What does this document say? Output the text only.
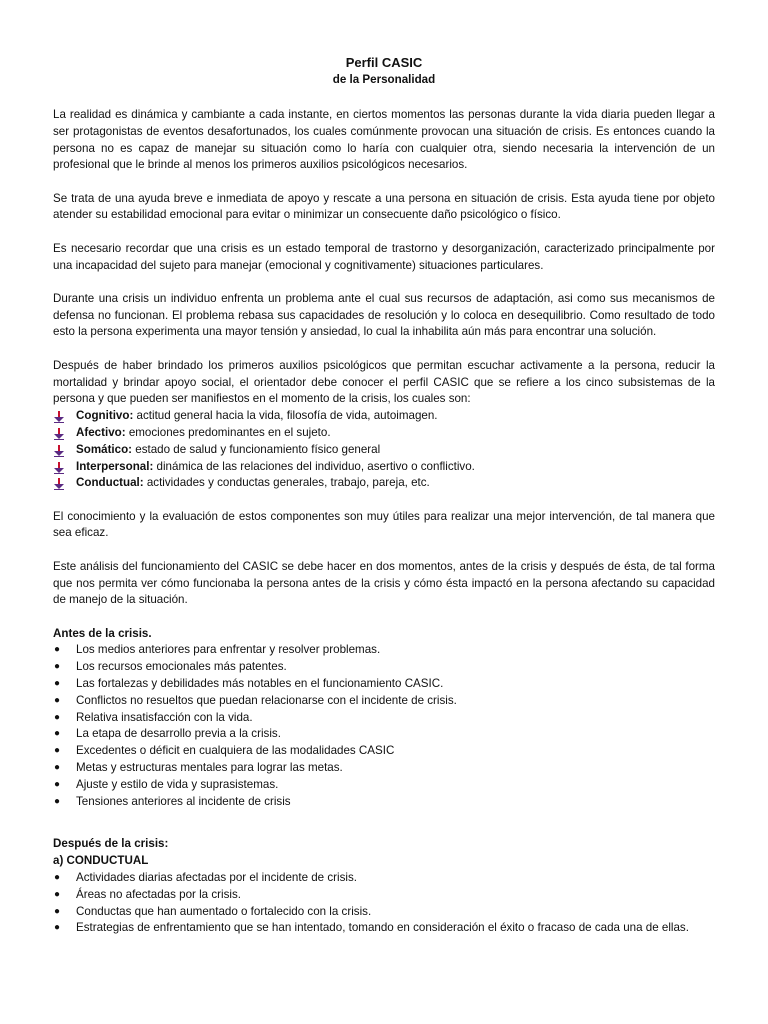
Perfil CASIC
de la Personalidad

La realidad es dinámica y cambiante a cada instante, en ciertos momentos las personas durante la vida diaria pueden llegar a ser protagonistas de eventos desafortunados, los cuales comúnmente provocan una situación de crisis. Es entonces cuando la persona no es capaz de manejar su situación como lo haría con cualquier otra, siendo necesaria la intervención de un profesional que le brinde al menos los primeros auxilios psicológicos necesarios.

Se trata de una ayuda breve e inmediata de apoyo y rescate a una persona en situación de crisis. Esta ayuda tiene por objeto atender su estabilidad emocional para evitar o minimizar un consecuente daño psicológico o físico.

Es necesario recordar que una crisis es un estado temporal de trastorno y desorganización, caracterizado principalmente por una incapacidad del sujeto para manejar (emocional y cognitivamente) situaciones particulares.

Durante una crisis un individuo enfrenta un problema ante el cual sus recursos de adaptación, asi como sus mecanismos de defensa no funcionan. El problema rebasa sus capacidades de resolución y lo coloca en desequilibrio. Como resultado de todo esto la persona experimenta una mayor tensión y ansiedad, lo cual la inhabilita aún más para encontrar una solución.

Después de haber brindado los primeros auxilios psicológicos que permitan escuchar activamente a la persona, reducir la mortalidad y brindar apoyo social, el orientador debe conocer el perfil CASIC que se refiere a los cinco subsistemas de la persona y que pueden ser manifiestos en el momento de la crisis, los cuales son:

Cognitivo: actitud general hacia la vida, filosofía de vida, autoimagen.
Afectivo: emociones predominantes en el sujeto.
Somático: estado de salud y funcionamiento físico general
Interpersonal: dinámica de las relaciones del individuo, asertivo o conflictivo.
Conductual: actividades y conductas generales, trabajo, pareja, etc.

El conocimiento y la evaluación de estos componentes son muy útiles para realizar una mejor intervención, de tal manera que sea eficaz.

Este análisis del funcionamiento del CASIC se debe hacer en dos momentos, antes de la crisis y después de ésta, de tal forma que nos permita ver cómo funcionaba la persona antes de la crisis y cómo ésta impactó en la persona afectando su capacidad de manejo de la situación.

Antes de la crisis.
● Los medios anteriores para enfrentar y resolver problemas.
● Los recursos emocionales más patentes.
● Las fortalezas y debilidades más notables en el funcionamiento CASIC.
● Conflictos no resueltos que puedan relacionarse con el incidente de crisis.
● Relativa insatisfacción con la vida.
● La etapa de desarrollo previa a la crisis.
● Excedentes o déficit en cualquiera de las modalidades CASIC
● Metas y estructuras mentales para lograr las metas.
● Ajuste y estilo de vida y suprasistemas.
● Tensiones anteriores al incidente de crisis
Después de la crisis:
a) CONDUCTUAL
● Actividades diarias afectadas por el incidente de crisis.
● Áreas no afectadas por la crisis.
● Conductas que han aumentado o fortalecido con la crisis.
● Estrategias de enfrentamiento que se han intentado, tomando en consideración el éxito o fracaso de cada una de ellas.
